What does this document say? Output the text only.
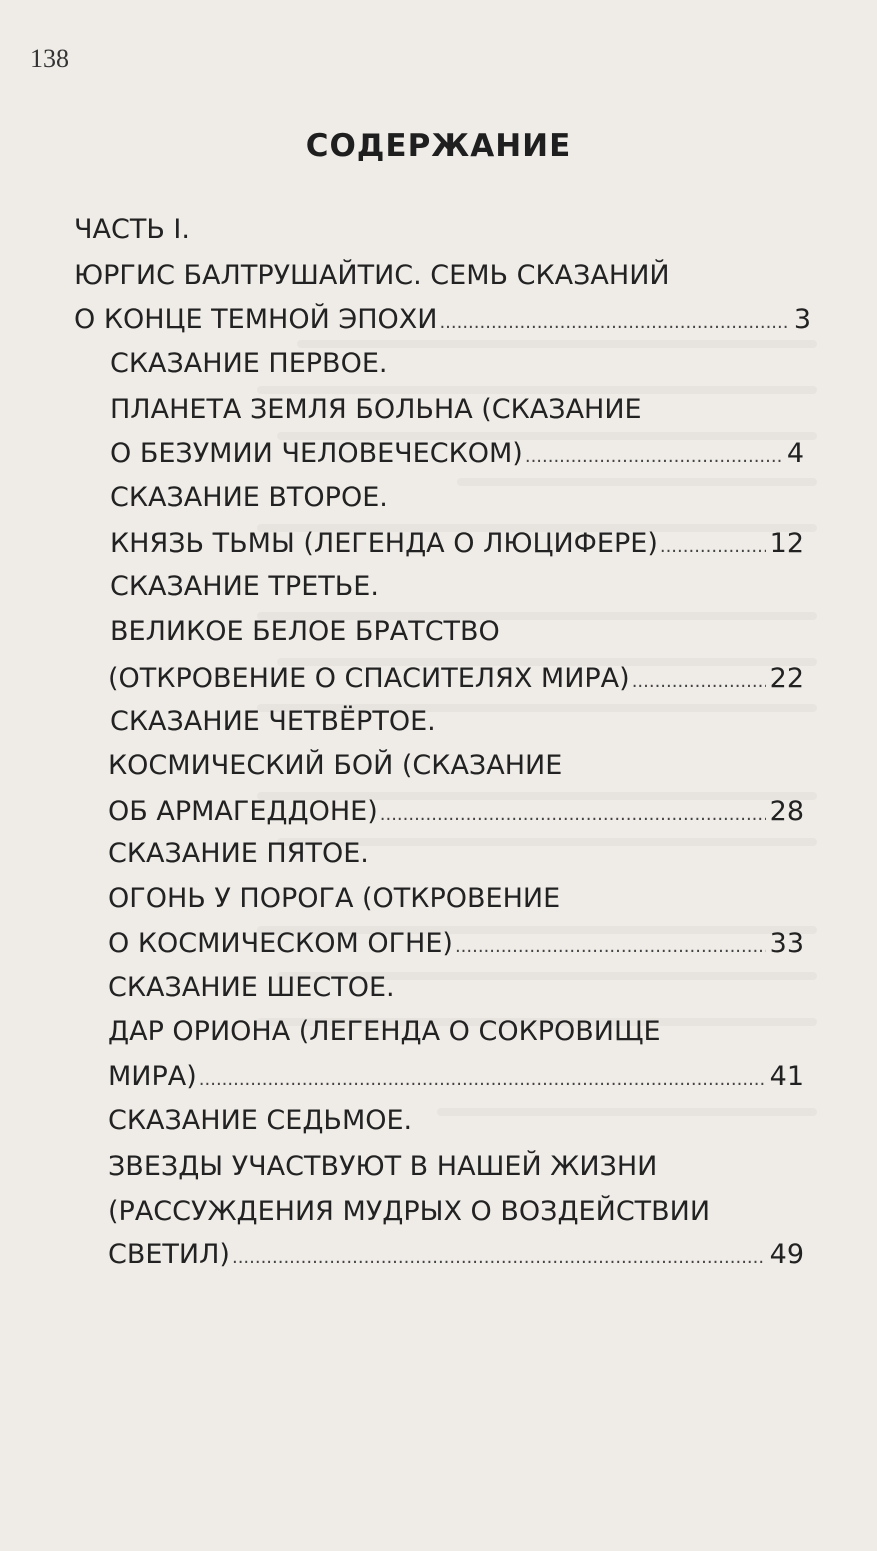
138
СОДЕРЖАНИЕ
ЧАСТЬ I.
ЮРГИС БАЛТРУШАЙТИС. СЕМЬ СКАЗАНИЙ
О КОНЦЕ ТЕМНОЙ ЭПОХИ .....	3
СКАЗАНИЕ ПЕРВОЕ.
ПЛАНЕТА ЗЕМЛЯ БОЛЬНА (СКАЗАНИЕ
О БЕЗУМИИ ЧЕЛОВЕЧЕСКОМ) .....	4
СКАЗАНИЕ ВТОРОЕ.
КНЯЗЬ ТЬМЫ (ЛЕГЕНДА О ЛЮЦИФЕРЕ) .....	12
СКАЗАНИЕ ТРЕТЬЕ.
ВЕЛИКОЕ БЕЛОЕ БРАТСТВО
(ОТКРОВЕНИЕ О СПАСИТЕЛЯХ МИРА) .....	22
СКАЗАНИЕ ЧЕТВЁРТОЕ.
КОСМИЧЕСКИЙ БОЙ (СКАЗАНИЕ
ОБ АРМАГЕДДОНЕ) .....	28
СКАЗАНИЕ ПЯТОЕ.
ОГОНЬ У ПОРОГА (ОТКРОВЕНИЕ
О КОСМИЧЕСКОМ ОГНЕ) .....	33
СКАЗАНИЕ ШЕСТОЕ.
ДАР ОРИОНА (ЛЕГЕНДА О СОКРОВИЩЕ
МИРА) .....	41
СКАЗАНИЕ СЕДЬМОЕ.
ЗВЕЗДЫ УЧАСТВУЮТ В НАШЕЙ ЖИЗНИ
(РАССУЖДЕНИЯ МУДРЫХ О ВОЗДЕЙСТВИИ
СВЕТИЛ) .....	49
